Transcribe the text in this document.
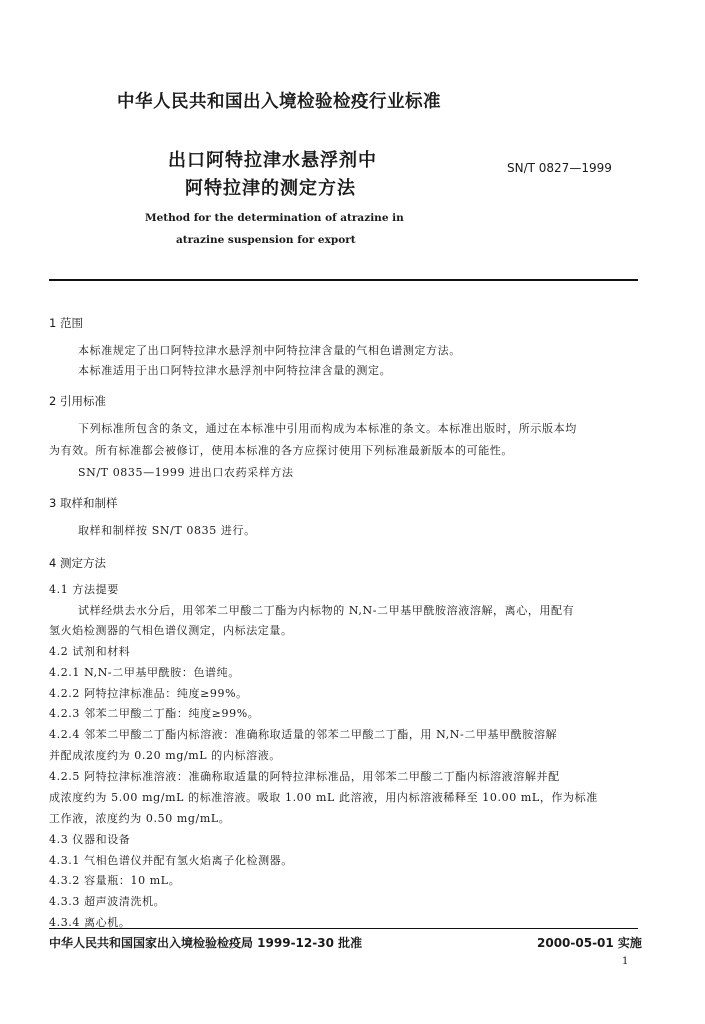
中华人民共和国出入境检验检疫行业标准
出口阿特拉津水悬浮剂中
阿特拉津的测定方法
SN/T 0827—1999
Method for the determination of atrazine in
atrazine suspension for export
1 范围
本标准规定了出口阿特拉津水悬浮剂中阿特拉津含量的气相色谱测定方法。
本标准适用于出口阿特拉津水悬浮剂中阿特拉津含量的测定。
2 引用标准
下列标准所包含的条文，通过在本标准中引用而构成为本标准的条文。本标准出版时，所示版本均
为有效。所有标准都会被修订，使用本标准的各方应探讨使用下列标准最新版本的可能性。
SN/T 0835—1999 进出口农药采样方法
3 取样和制样
取样和制样按 SN/T 0835 进行。
4 测定方法
4.1 方法提要
试样经烘去水分后，用邻苯二甲酸二丁酯为内标物的 N,N-二甲基甲酰胺溶液溶解，离心，用配有
氢火焰检测器的气相色谱仪测定，内标法定量。
4.2 试剂和材料
4.2.1 N,N-二甲基甲酰胺：色谱纯。
4.2.2 阿特拉津标准品：纯度≥99%。
4.2.3 邻苯二甲酸二丁酯：纯度≥99%。
4.2.4 邻苯二甲酸二丁酯内标溶液：准确称取适量的邻苯二甲酸二丁酯，用 N,N-二甲基甲酰胺溶解
并配成浓度约为 0.20 mg/mL 的内标溶液。
4.2.5 阿特拉津标准溶液：准确称取适量的阿特拉津标准品，用邻苯二甲酸二丁酯内标溶液溶解并配
成浓度约为 5.00 mg/mL 的标准溶液。吸取 1.00 mL 此溶液，用内标溶液稀释至 10.00 mL，作为标准
工作液，浓度约为 0.50 mg/mL。
4.3 仪器和设备
4.3.1 气相色谱仪并配有氢火焰离子化检测器。
4.3.2 容量瓶：10 mL。
4.3.3 超声波清洗机。
4.3.4 离心机。
中华人民共和国国家出入境检验检疫局 1999-12-30 批准	2000-05-01 实施
1
